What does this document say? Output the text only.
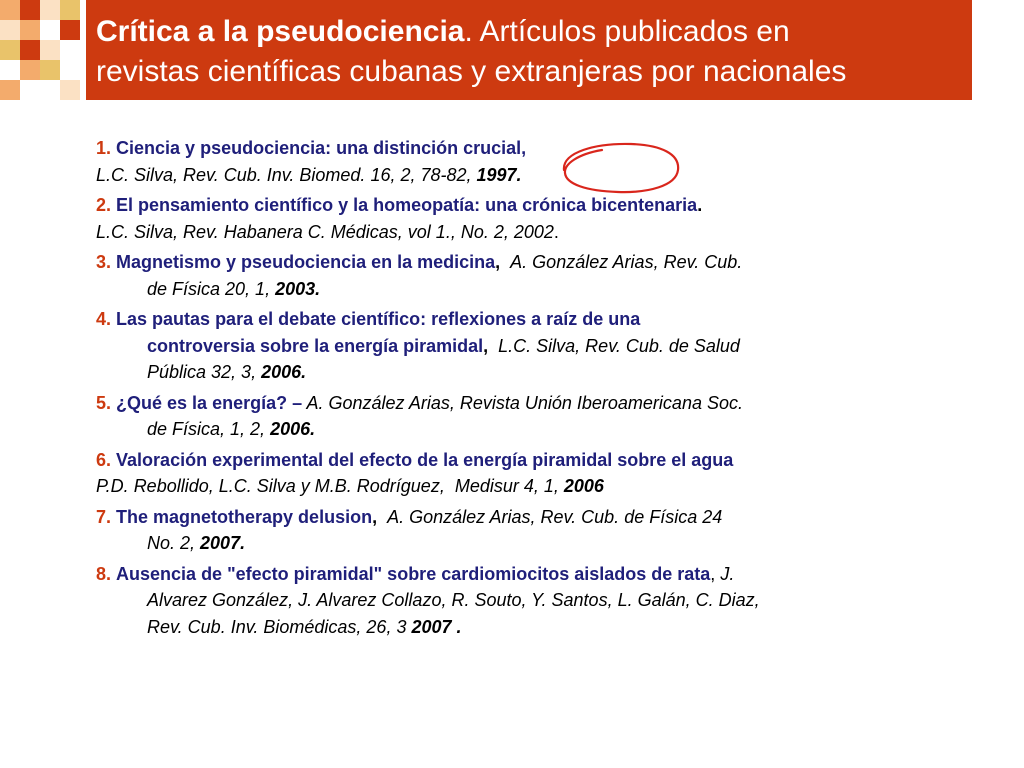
Crítica a la pseudociencia. Artículos publicados en
revistas científicas cubanas y extranjeras por nacionales
1. Ciencia y pseudociencia: una distinción crucial,
L.C. Silva, Rev. Cub. Inv. Biomed. 16, 2, 78-82, 1997.
2. El pensamiento científico y la homeopatía: una crónica bicentenaria.
L.C. Silva, Rev. Habanera C. Médicas, vol 1., No. 2, 2002.
3. Magnetismo y pseudociencia en la medicina,  A. González Arias, Rev. Cub.
de Física 20, 1, 2003.
4. Las pautas para el debate científico: reflexiones a raíz de una
controversia sobre la energía piramidal,  L.C. Silva, Rev. Cub. de Salud
Pública 32, 3, 2006.
5. ¿Qué es la energía? – A. González Arias, Revista Unión Iberoamericana Soc.
de Física, 1, 2, 2006.
6. Valoración experimental del efecto de la energía piramidal sobre el agua
P.D. Rebollido, L.C. Silva y M.B. Rodríguez,  Medisur 4, 1, 2006
7. The magnetotherapy delusion,  A. González Arias, Rev. Cub. de Física 24
No. 2, 2007.
8. Ausencia de "efecto piramidal" sobre cardiomiocitos aislados de rata, J.
Alvarez González, J. Alvarez Collazo, R. Souto, Y. Santos, L. Galán, C. Diaz,
Rev. Cub. Inv. Biomédicas, 26, 3 2007 .
